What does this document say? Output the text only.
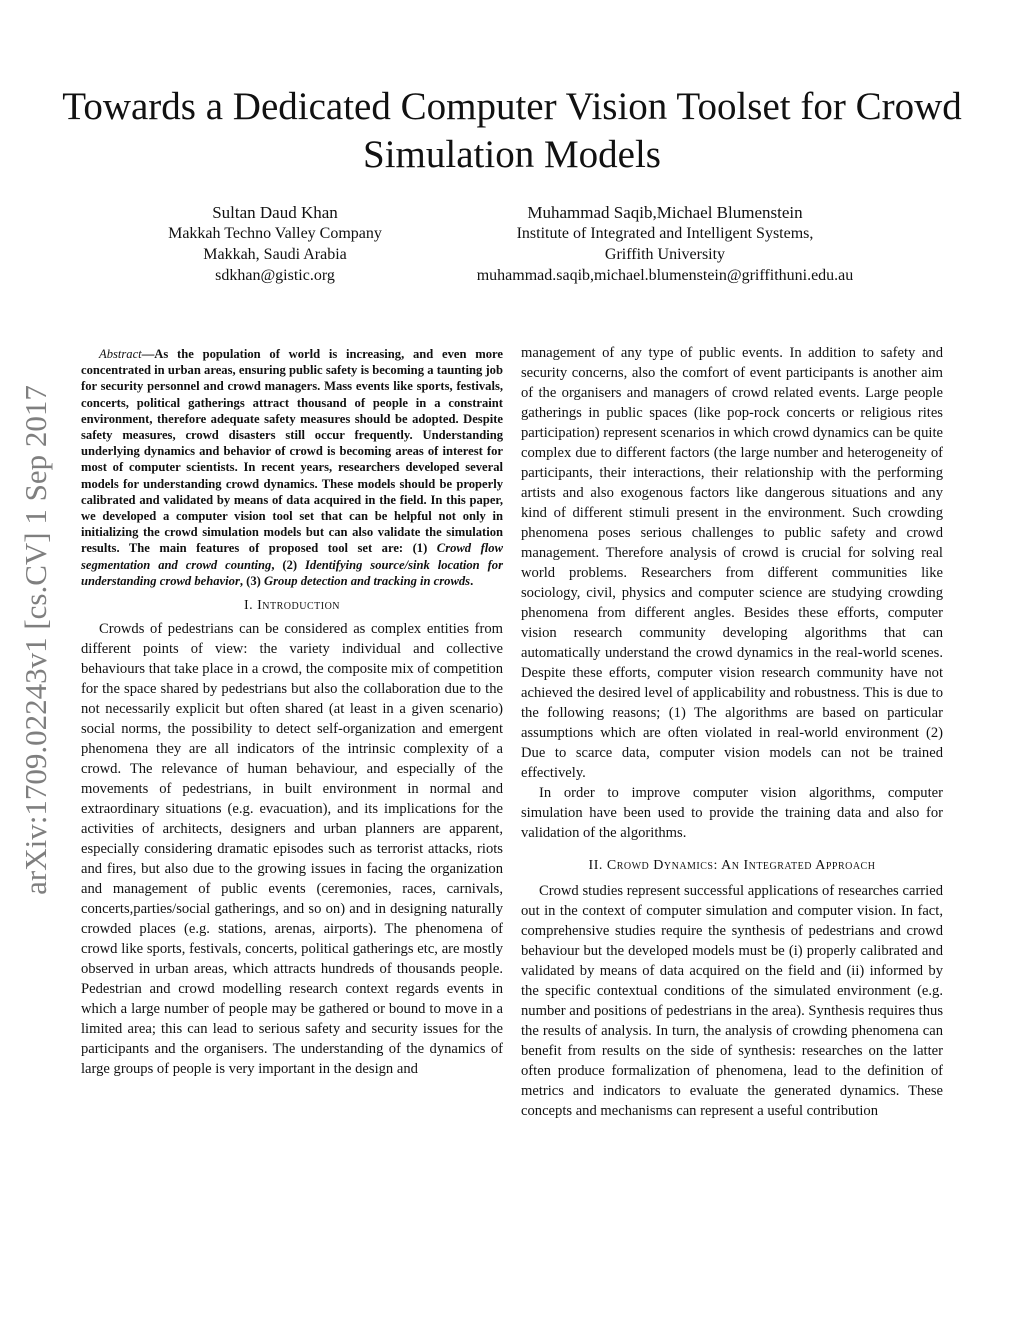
Towards a Dedicated Computer Vision Toolset for Crowd Simulation Models
Sultan Daud Khan
Makkah Techno Valley Company
Makkah, Saudi Arabia
sdkhan@gistic.org
Muhammad Saqib,Michael Blumenstein
Institute of Integrated and Intelligent Systems,
Griffith University
muhammad.saqib,michael.blumenstein@griffithuni.edu.au
arXiv:1709.02243v1 [cs.CV] 1 Sep 2017

Abstract—As the population of world is increasing, and even more concentrated in urban areas, ensuring public safety is becoming a taunting job for security personnel and crowd managers. Mass events like sports, festivals, concerts, political gatherings attract thousand of people in a constraint environment, therefore adequate safety measures should be adopted. Despite safety measures, crowd disasters still occur frequently. Understanding underlying dynamics and behavior of crowd is becoming areas of interest for most of computer scientists. In recent years, researchers developed several models for understanding crowd dynamics. These models should be properly calibrated and validated by means of data acquired in the field. In this paper, we developed a computer vision tool set that can be helpful not only in initializing the crowd simulation models but can also validate the simulation results. The main features of proposed tool set are: (1) Crowd flow segmentation and crowd counting, (2) Identifying source/sink location for understanding crowd behavior, (3) Group detection and tracking in crowds.

I. Introduction

Crowds of pedestrians can be considered as complex entities from different points of view: the variety individual and collective behaviours that take place in a crowd, the composite mix of competition for the space shared by pedestrians but also the collaboration due to the not necessarily explicit but often shared (at least in a given scenario) social norms, the possibility to detect self-organization and emergent phenomena they are all indicators of the intrinsic complexity of a crowd. The relevance of human behaviour, and especially of the movements of pedestrians, in built environment in normal and extraordinary situations (e.g. evacuation), and its implications for the activities of architects, designers and urban planners are apparent, especially considering dramatic episodes such as terrorist attacks, riots and fires, but also due to the growing issues in facing the organization and management of public events (ceremonies, races, carnivals, concerts,parties/social gatherings, and so on) and in designing naturally crowded places (e.g. stations, arenas, airports). The phenomena of crowd like sports, festivals, concerts, political gatherings etc, are mostly observed in urban areas, which attracts hundreds of thousands people. Pedestrian and crowd modelling research context regards events in which a large number of people may be gathered or bound to move in a limited area; this can lead to serious safety and security issues for the participants and the organisers. The understanding of the dynamics of large groups of people is very important in the design and

management of any type of public events. In addition to safety and security concerns, also the comfort of event participants is another aim of the organisers and managers of crowd related events. Large people gatherings in public spaces (like pop-rock concerts or religious rites participation) represent scenarios in which crowd dynamics can be quite complex due to different factors (the large number and heterogeneity of participants, their interactions, their relationship with the performing artists and also exogenous factors like dangerous situations and any kind of different stimuli present in the environment. Such crowding phenomena poses serious challenges to public safety and crowd management. Therefore analysis of crowd is crucial for solving real world problems. Researchers from different communities like sociology, civil, physics and computer science are studying crowding phenomena from different angles. Besides these efforts, computer vision research community developing algorithms that can automatically understand the crowd dynamics in the real-world scenes. Despite these efforts, computer vision research community have not achieved the desired level of applicability and robustness. This is due to the following reasons; (1) The algorithms are based on particular assumptions which are often violated in real-world environment (2) Due to scarce data, computer vision models can not be trained effectively.

In order to improve computer vision algorithms, computer simulation have been used to provide the training data and also for validation of the algorithms.

II. Crowd Dynamics: An Integrated Approach

Crowd studies represent successful applications of researches carried out in the context of computer simulation and computer vision. In fact, comprehensive studies require the synthesis of pedestrians and crowd behaviour but the developed models must be (i) properly calibrated and validated by means of data acquired on the field and (ii) informed by the specific contextual conditions of the simulated environment (e.g. number and positions of pedestrians in the area). Synthesis requires thus the results of analysis. In turn, the analysis of crowding phenomena can benefit from results on the side of synthesis: researches on the latter often produce formalization of phenomena, lead to the definition of metrics and indicators to evaluate the generated dynamics. These concepts and mechanisms can represent a useful contribution
